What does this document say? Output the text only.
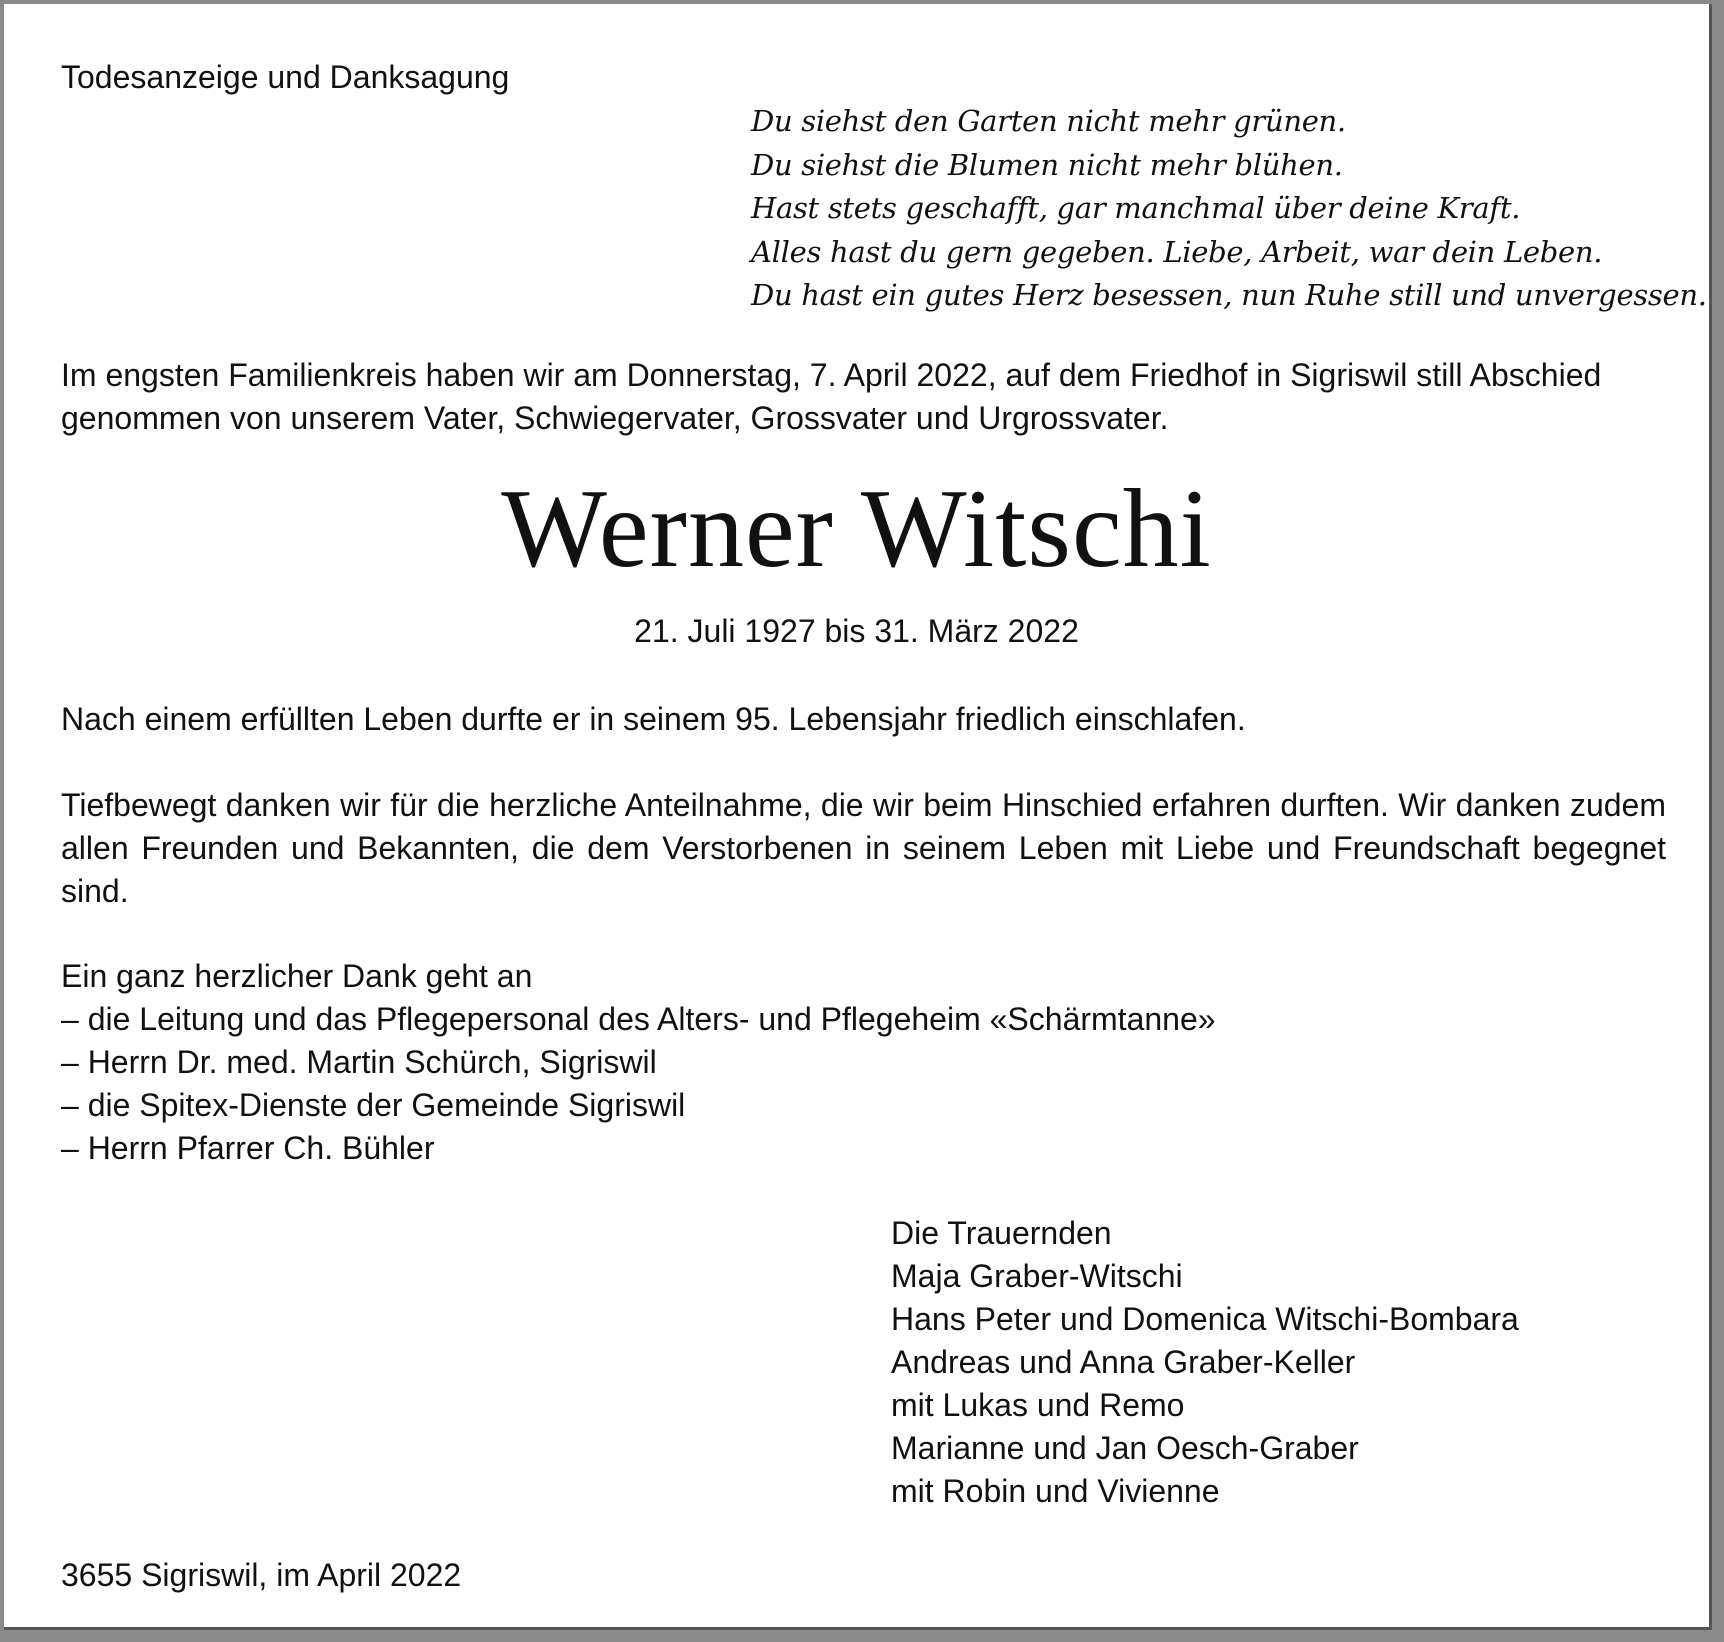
Todesanzeige und Danksagung

Du siehst den Garten nicht mehr grünen.
Du siehst die Blumen nicht mehr blühen.
Hast stets geschafft, gar manchmal über deine Kraft.
Alles hast du gern gegeben. Liebe, Arbeit, war dein Leben.
Du hast ein gutes Herz besessen, nun Ruhe still und unvergessen.

Im engsten Familienkreis haben wir am Donnerstag, 7. April 2022, auf dem Friedhof in Sigriswil still Abschied genommen von unserem Vater, Schwiegervater, Grossvater und Urgrossvater.

Werner Witschi

21. Juli 1927 bis 31. März 2022

Nach einem erfüllten Leben durfte er in seinem 95. Lebensjahr friedlich einschlafen.

Tiefbewegt danken wir für die herzliche Anteilnahme, die wir beim Hinschied erfahren durften. Wir danken zudem allen Freunden und Bekannten, die dem Verstorbenen in seinem Leben mit Liebe und Freundschaft begegnet sind.

Ein ganz herzlicher Dank geht an

– die Leitung und das Pflegepersonal des Alters- und Pflegeheim «Schärmtanne»
– Herrn Dr. med. Martin Schürch, Sigriswil
– die Spitex-Dienste der Gemeinde Sigriswil
– Herrn Pfarrer Ch. Bühler
Die Trauernden
Maja Graber-Witschi
Hans Peter und Domenica Witschi-Bombara
Andreas und Anna Graber-Keller
mit Lukas und Remo
Marianne und Jan Oesch-Graber
mit Robin und Vivienne

3655 Sigriswil, im April 2022
